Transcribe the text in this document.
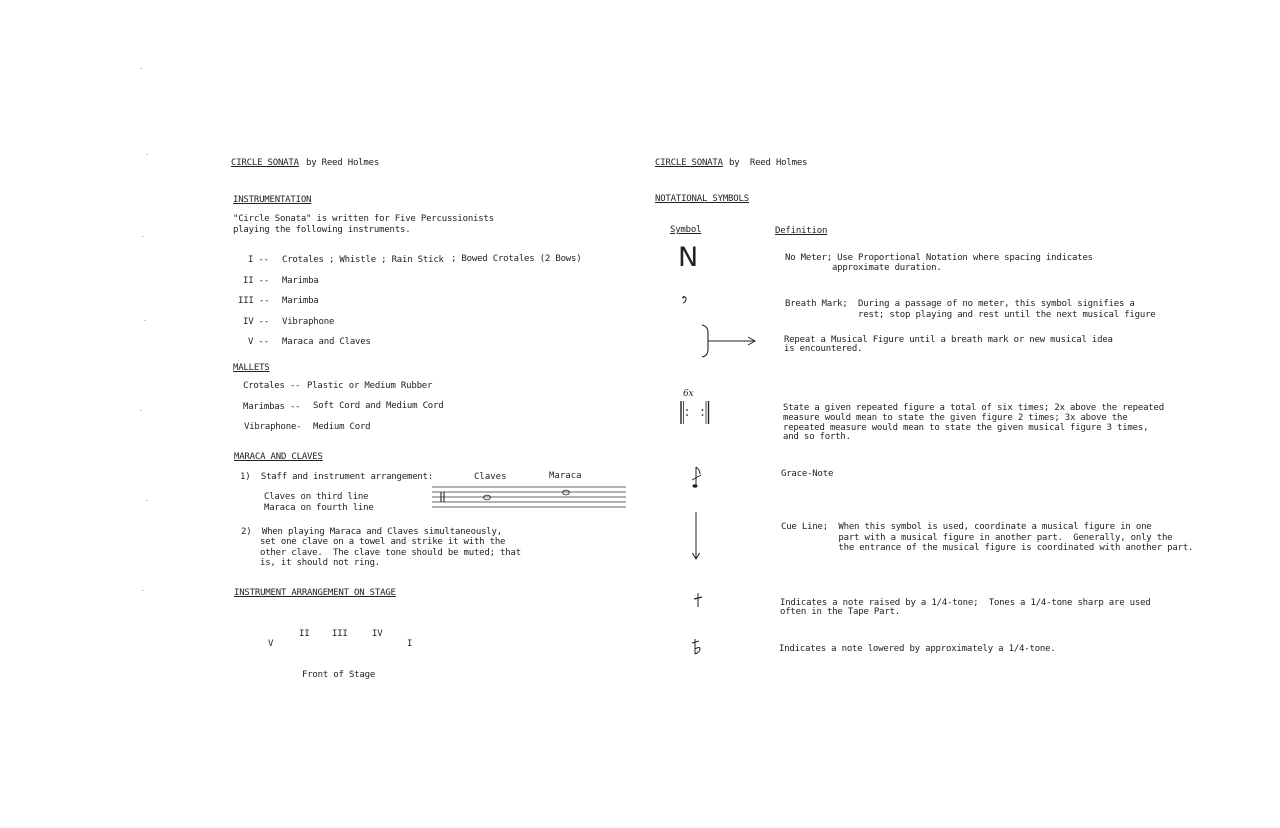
CIRCLE SONATA by Reed Holmes
INSTRUMENTATION
"Circle Sonata" is written for Five Percussionists
playing the following instruments.
I -- Crotales ; Whistle ; Rain Stick ; Bowed Crotales (2 Bows)
II -- Marimba
III -- Marimba
IV -- Vibraphone
V -- Maraca and Claves
MALLETS
Crotales -- Plastic or Medium Rubber
Marimbas -- Soft Cord and Medium Cord
Vibraphone- Medium Cord
MARACA AND CLAVES
1)  Staff and instrument arrangement:	Claves	Maraca
Claves on third line
Maraca on fourth line
2)  When playing Maraca and Claves simultaneously,
set one clave on a towel and strike it with the
other clave.  The clave tone should be muted; that
is, it should not ring.
INSTRUMENT ARRANGEMENT ON STAGE
II	III	IV
V	I
Front of Stage
CIRCLE SONATA by  Reed Holmes
NOTATIONAL SYMBOLS
Symbol	Definition
N	No Meter; Use Proportional Notation where spacing indicates
approximate duration.
Breath Mark;  During a passage of no meter, this symbol signifies a
rest; stop playing and rest until the next musical figure
Repeat a Musical Figure until a breath mark or new musical idea
is encountered.
6x
State a given repeated figure a total of six times; 2x above the repeated
measure would mean to state the given figure 2 times; 3x above the
repeated measure would mean to state the given musical figure 3 times,
and so forth.
Grace-Note
Cue Line;  When this symbol is used, coordinate a musical figure in one
part with a musical figure in another part.  Generally, only the
the entrance of the musical figure is coordinated with another part.
Indicates a note raised by a 1/4-tone;  Tones a 1/4-tone sharp are used
often in the Tape Part.
Indicates a note lowered by approximately a 1/4-tone.
